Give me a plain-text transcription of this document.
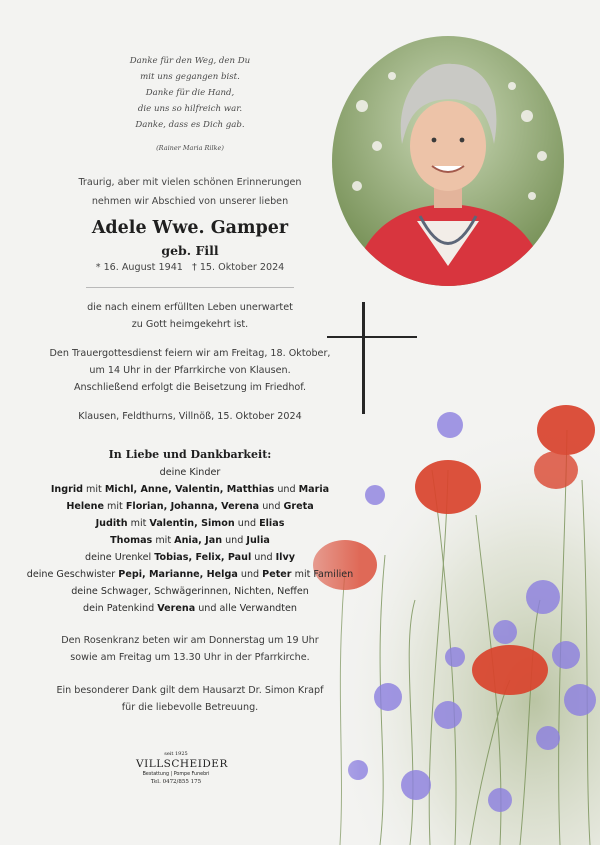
Danke für den Weg, den Du
mit uns gegangen bist.
Danke für die Hand,
die uns so hilfreich war.
Danke, dass es Dich gab.
(Rainer Maria Rilke)
Traurig, aber mit vielen schönen Erinnerungen
nehmen wir Abschied von unserer lieben
Adele Wwe. Gamper
geb. Fill
* 16. August 1941 † 15. Oktober 2024

die nach einem erfüllten Leben unerwartet
zu Gott heimgekehrt ist.

Den Trauergottesdienst feiern wir am Freitag, 18. Oktober,
um 14 Uhr in der Pfarrkirche von Klausen.
Anschließend erfolgt die Beisetzung im Friedhof.

Klausen, Feldthurns, Villnöß, 15. Oktober 2024

In Liebe und Dankbarkeit:
deine Kinder
Ingrid mit Michl, Anne, Valentin, Matthias und Maria
Helene mit Florian, Johanna, Verena und Greta
Judith mit Valentin, Simon und Elias
Thomas mit Ania, Jan und Julia
deine Urenkel Tobias, Felix, Paul und Ilvy
deine Geschwister Pepi, Marianne, Helga und Peter mit Familien
deine Schwager, Schwägerinnen, Nichten, Neffen
dein Patenkind Verena und alle Verwandten

Den Rosenkranz beten wir am Donnerstag um 19 Uhr
sowie am Freitag um 13.30 Uhr in der Pfarrkirche.

Ein besonderer Dank gilt dem Hausarzt Dr. Simon Krapf
für die liebevolle Betreuung.

seit 1925
VILLSCHEIDER
Bestattung | Pompe Funebri
Tel. 0472/855 175
